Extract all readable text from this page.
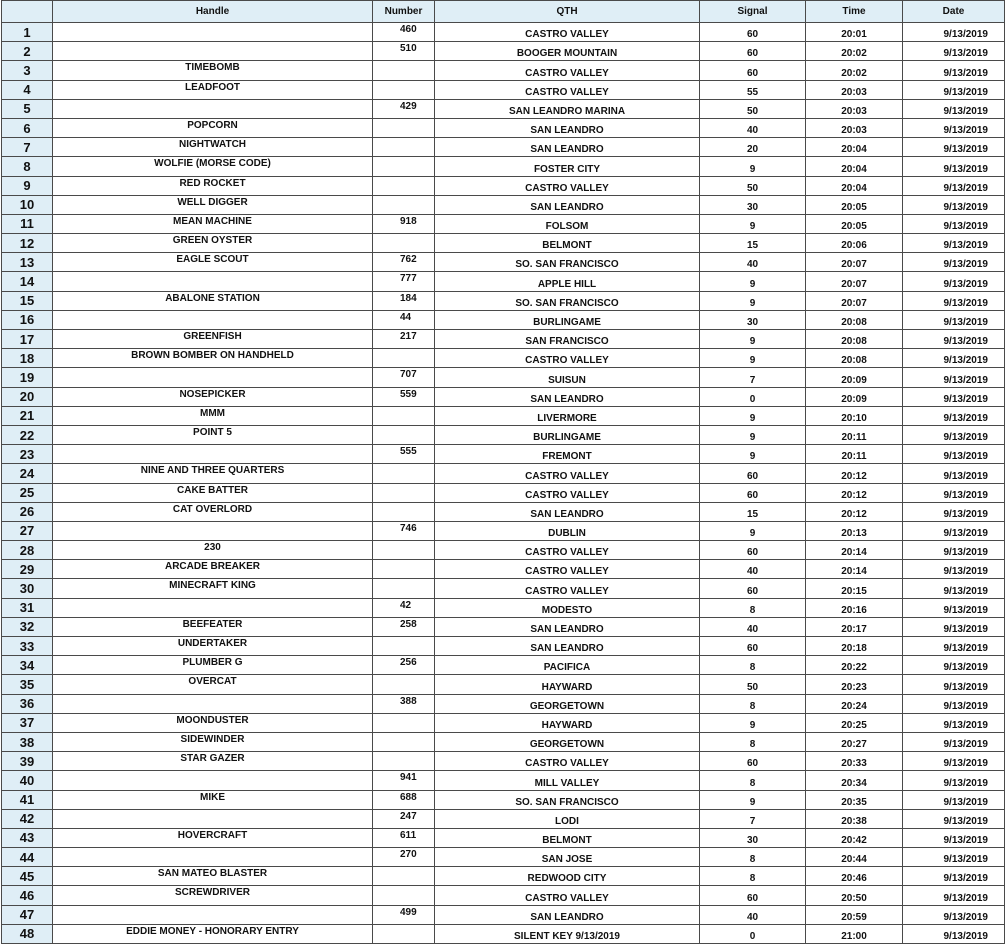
	Handle	Number	QTH	Signal	Time	Date
1		460	CASTRO VALLEY	60	20:01	9/13/2019
2		510	BOOGER MOUNTAIN	60	20:02	9/13/2019
3	TIMEBOMB		CASTRO VALLEY	60	20:02	9/13/2019
4	LEADFOOT		CASTRO VALLEY	55	20:03	9/13/2019
5		429	SAN LEANDRO MARINA	50	20:03	9/13/2019
6	POPCORN		SAN LEANDRO	40	20:03	9/13/2019
7	NIGHTWATCH		SAN LEANDRO	20	20:04	9/13/2019
8	WOLFIE (MORSE CODE)		FOSTER CITY	9	20:04	9/13/2019
9	RED ROCKET		CASTRO VALLEY	50	20:04	9/13/2019
10	WELL DIGGER		SAN LEANDRO	30	20:05	9/13/2019
11	MEAN MACHINE	918	FOLSOM	9	20:05	9/13/2019
12	GREEN OYSTER		BELMONT	15	20:06	9/13/2019
13	EAGLE SCOUT	762	SO. SAN FRANCISCO	40	20:07	9/13/2019
14		777	APPLE HILL	9	20:07	9/13/2019
15	ABALONE STATION	184	SO. SAN FRANCISCO	9	20:07	9/13/2019
16		44	BURLINGAME	30	20:08	9/13/2019
17	GREENFISH	217	SAN FRANCISCO	9	20:08	9/13/2019
18	BROWN BOMBER ON HANDHELD		CASTRO VALLEY	9	20:08	9/13/2019
19		707	SUISUN	7	20:09	9/13/2019
20	NOSEPICKER	559	SAN LEANDRO	0	20:09	9/13/2019
21	MMM		LIVERMORE	9	20:10	9/13/2019
22	POINT 5		BURLINGAME	9	20:11	9/13/2019
23		555	FREMONT	9	20:11	9/13/2019
24	NINE AND THREE QUARTERS		CASTRO VALLEY	60	20:12	9/13/2019
25	CAKE BATTER		CASTRO VALLEY	60	20:12	9/13/2019
26	CAT OVERLORD		SAN LEANDRO	15	20:12	9/13/2019
27		746	DUBLIN	9	20:13	9/13/2019
28	230		CASTRO VALLEY	60	20:14	9/13/2019
29	ARCADE BREAKER		CASTRO VALLEY	40	20:14	9/13/2019
30	MINECRAFT KING		CASTRO VALLEY	60	20:15	9/13/2019
31		42	MODESTO	8	20:16	9/13/2019
32	BEEFEATER	258	SAN LEANDRO	40	20:17	9/13/2019
33	UNDERTAKER		SAN LEANDRO	60	20:18	9/13/2019
34	PLUMBER G	256	PACIFICA	8	20:22	9/13/2019
35	OVERCAT		HAYWARD	50	20:23	9/13/2019
36		388	GEORGETOWN	8	20:24	9/13/2019
37	MOONDUSTER		HAYWARD	9	20:25	9/13/2019
38	SIDEWINDER		GEORGETOWN	8	20:27	9/13/2019
39	STAR GAZER		CASTRO VALLEY	60	20:33	9/13/2019
40		941	MILL VALLEY	8	20:34	9/13/2019
41	MIKE	688	SO. SAN FRANCISCO	9	20:35	9/13/2019
42		247	LODI	7	20:38	9/13/2019
43	HOVERCRAFT	611	BELMONT	30	20:42	9/13/2019
44		270	SAN JOSE	8	20:44	9/13/2019
45	SAN MATEO BLASTER		REDWOOD CITY	8	20:46	9/13/2019
46	SCREWDRIVER		CASTRO VALLEY	60	20:50	9/13/2019
47		499	SAN LEANDRO	40	20:59	9/13/2019
48	EDDIE MONEY - HONORARY ENTRY		SILENT KEY 9/13/2019	0	21:00	9/13/2019
